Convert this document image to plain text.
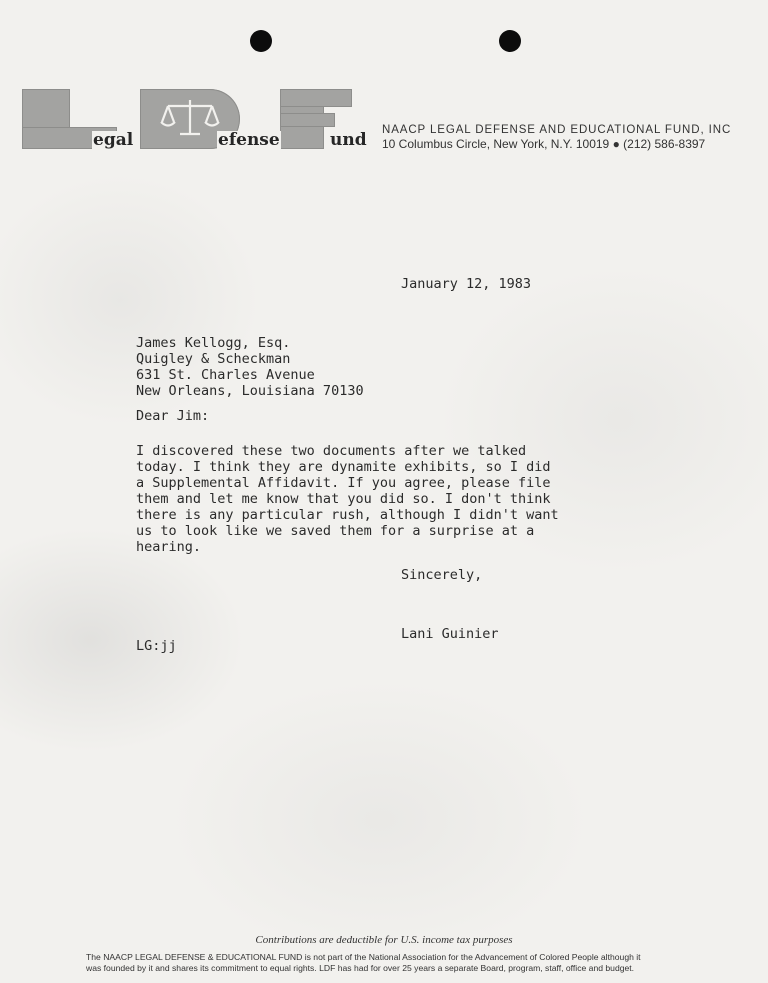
egal	efense	und NAACP LEGAL DEFENSE AND EDUCATIONAL FUND, INC
10 Columbus Circle, New York, N.Y. 10019 ● (212) 586-8397
January 12, 1983
James Kellogg, Esq.
Quigley & Scheckman
631 St. Charles Avenue
New Orleans, Louisiana 70130
Dear Jim:
I discovered these two documents after we talked
today. I think they are dynamite exhibits, so I did
a Supplemental Affidavit. If you agree, please file
them and let me know that you did so. I don't think
there is any particular rush, although I didn't want
us to look like we saved them for a surprise at a
hearing.
Sincerely,
Lani Guinier
LG:jj
Contributions are deductible for U.S. income tax purposes
The NAACP LEGAL DEFENSE & EDUCATIONAL FUND is not part of the National Association for the Advancement of Colored People although it
was founded by it and shares its commitment to equal rights. LDF has had for over 25 years a separate Board, program, staff, office and budget.
